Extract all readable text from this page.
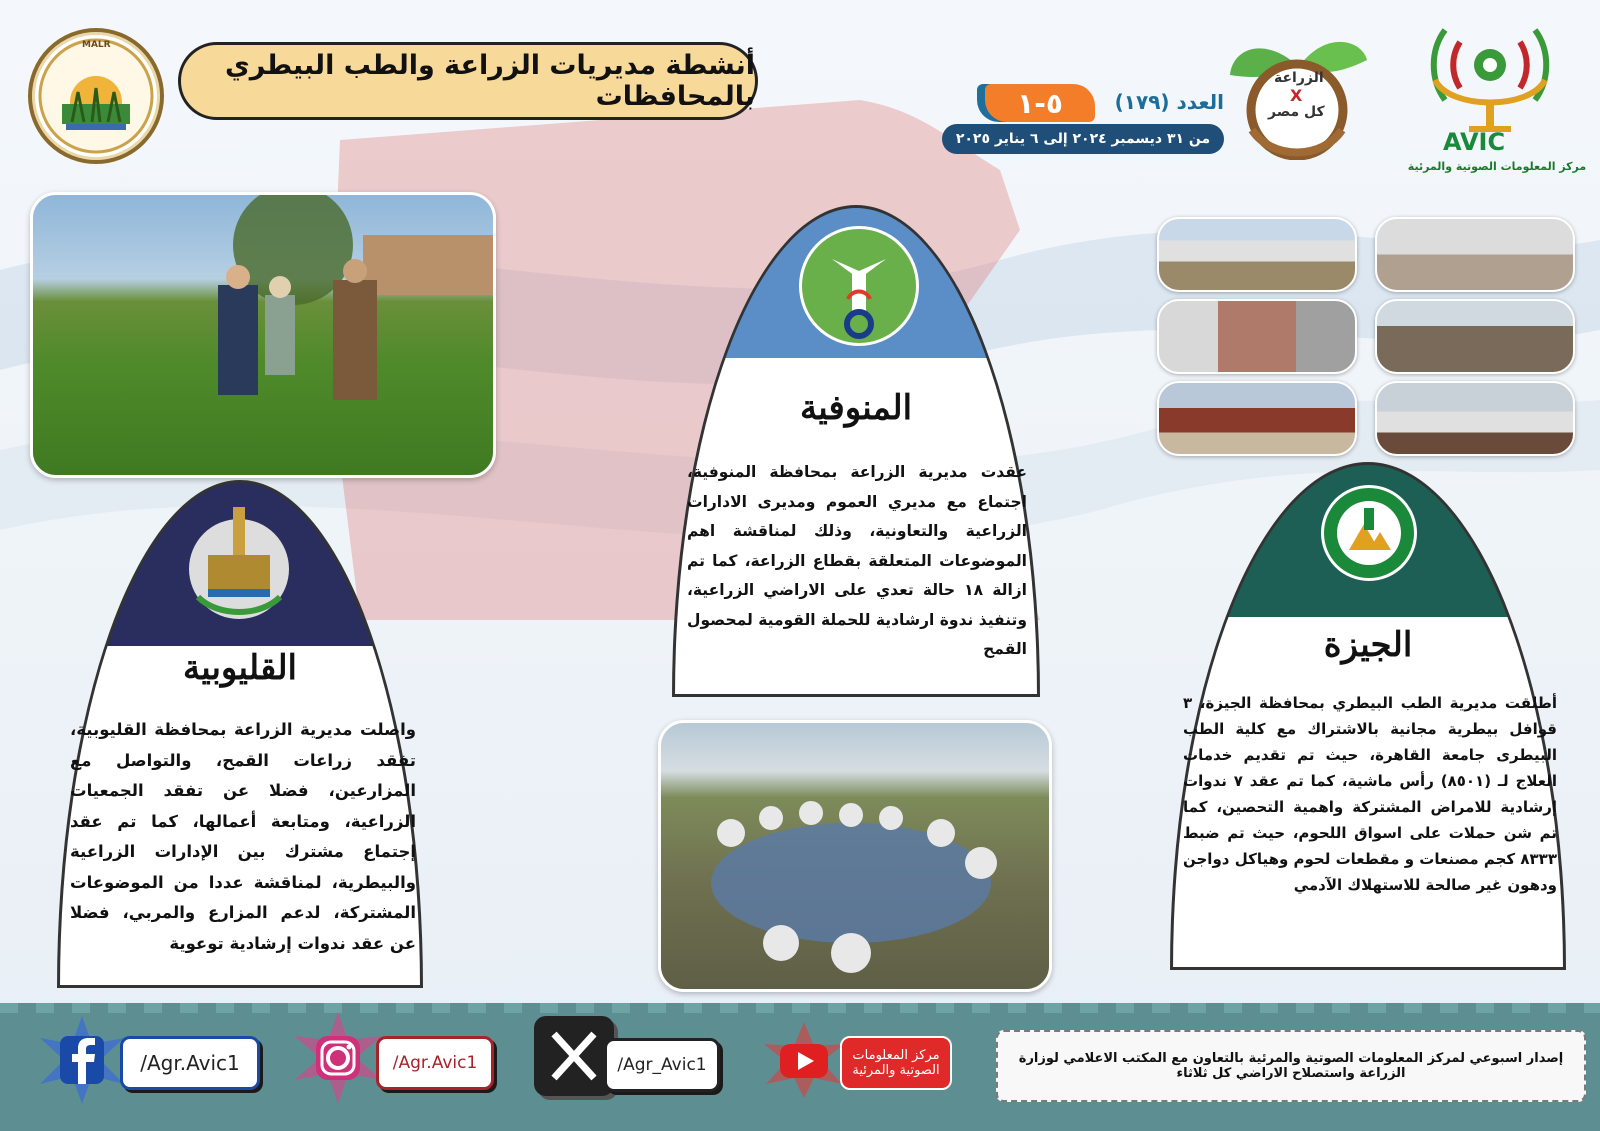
MALR
أنشطة مديريات الزراعة والطب البيطري بالمحافظات	٥-١	العدد (١٧٩)
من ٣١ ديسمبر ٢٠٢٤ إلى ٦ يناير ٢٠٢٥
الزراعة
X
كل مصر
AVIC
مركز المعلومات الصوتية والمرئية
المنوفية
عقدت مديرية الزراعة بمحافظة المنوفية، اجتماع مع مديري العموم ومديرى الادارات الزراعية والتعاونية، وذلك لمناقشة اهم الموضوعات المتعلقة بقطاع الزراعة، كما تم ازالة ١٨ حالة تعدي على الاراضي الزراعية، وتنفيذ ندوة ارشادية للحملة القومية لمحصول القمح
القليوبية
واصلت مديرية الزراعة بمحافظة القليوبية، تفقد زراعات القمح، والتواصل مع المزارعين، فضلا عن تفقد الجمعيات الزراعية، ومتابعة أعمالها، كما تم عقد إجتماع مشترك بين الإدارات الزراعية والبيطرية، لمناقشة عددا من الموضوعات المشتركة، لدعم المزارع والمربي، فضلا عن عقد ندوات إرشادية توعوية
الجيزة
أطلقت مديرية الطب البيطري بمحافظة الجيزة، ٣ قوافل بيطرية مجانية بالاشتراك مع كلية الطب البيطرى جامعة القاهرة، حيث تم تقديم خدمات العلاج لـ (٨٥٠١) رأس ماشية، كما تم عقد ٧ ندوات إرشادية للامراض المشتركة واهمية التحصين، كما تم شن حملات على اسواق اللحوم، حيث تم ضبط ٨٣٣٣ كجم مصنعات و مقطعات لحوم وهياكل دواجن ودهون غير صالحة للاستهلاك الآدمي
/Agr.Avic1	/Agr.Avic1	/Agr_Avic1	مركز المعلومات
الصوتية والمرئية
إصدار اسبوعي لمركز المعلومات الصوتية والمرئية بالتعاون مع المكتب الاعلامي لوزارة الزراعة واستصلاح الاراضي كل ثلاثاء
